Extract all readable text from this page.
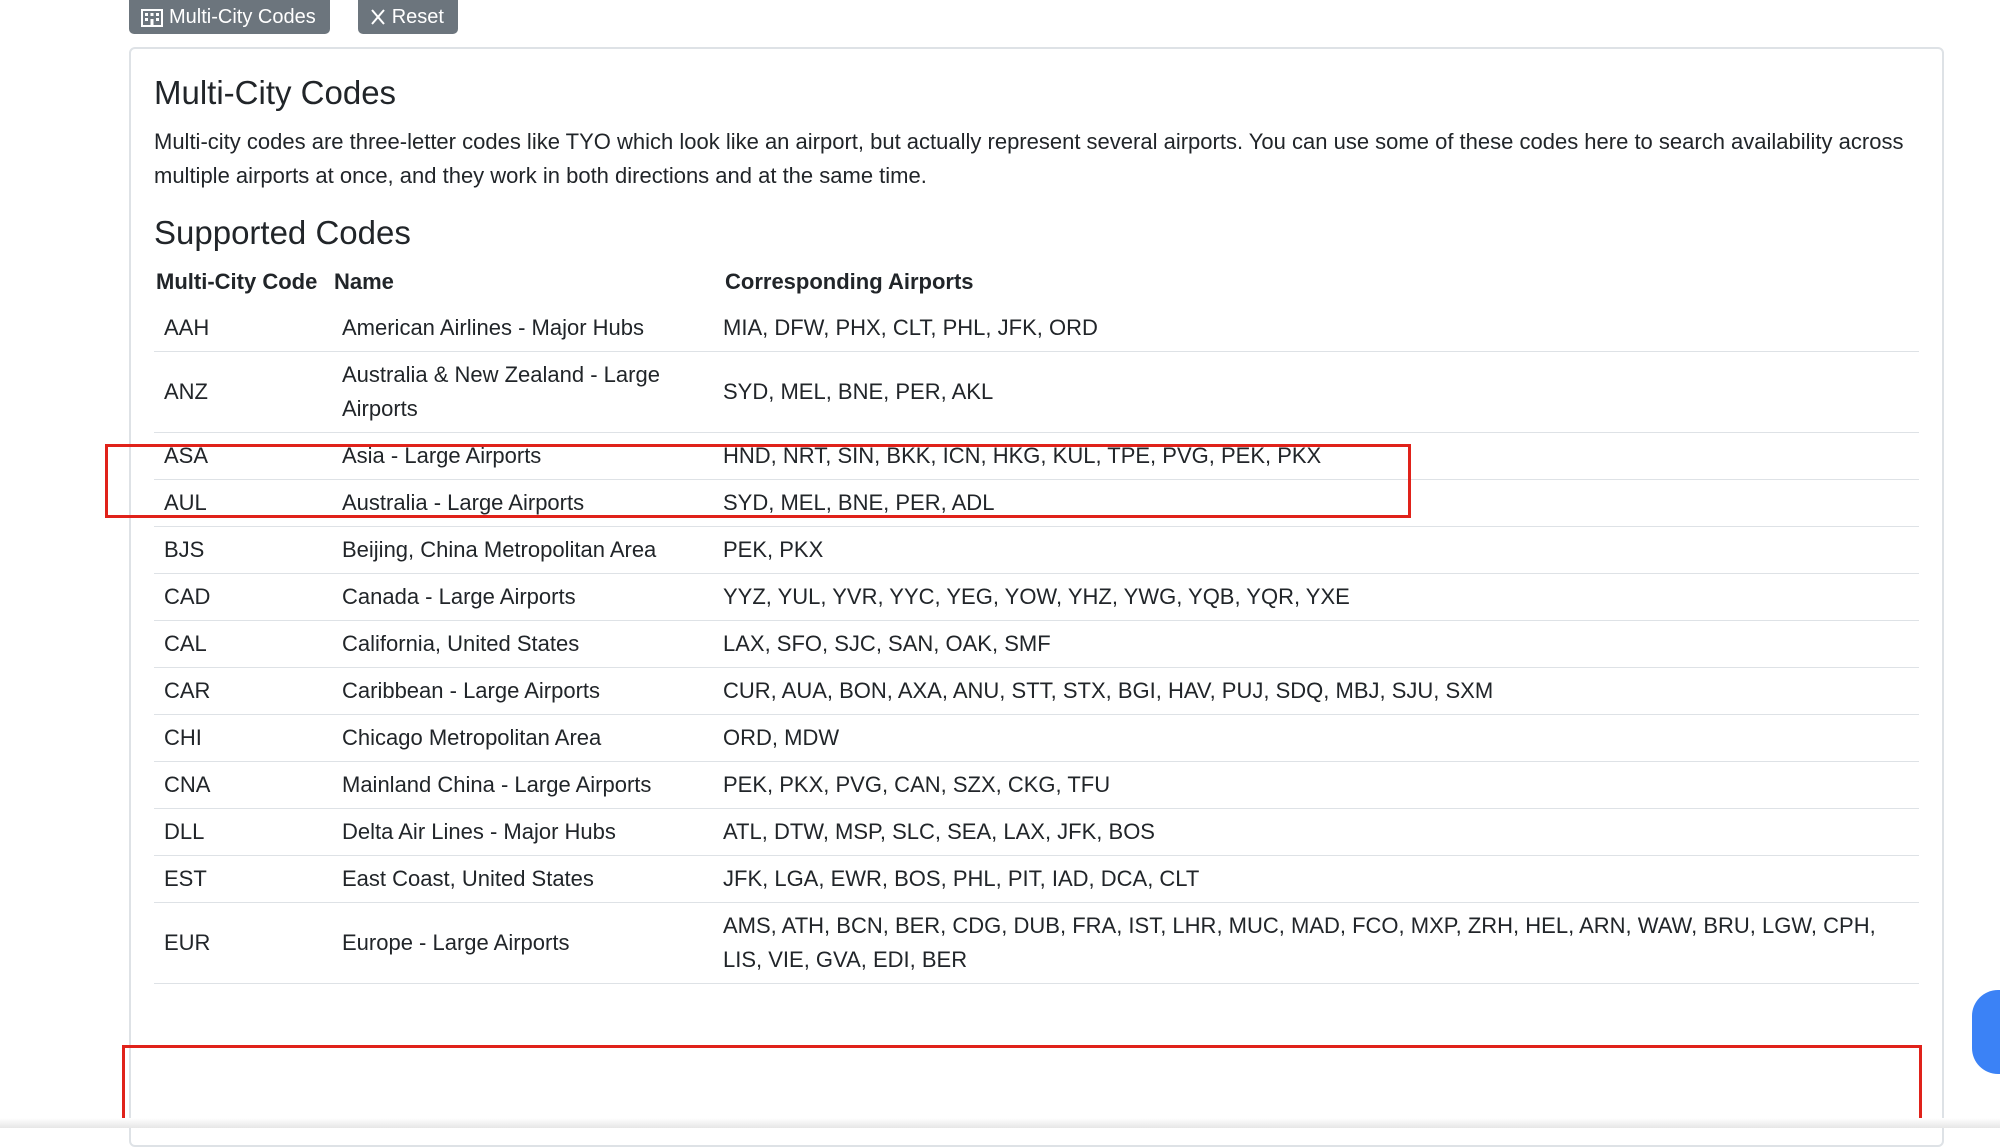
Multi-City Codes	Reset
Multi-City Codes

Multi-city codes are three-letter codes like TYO which look like an airport, but actually represent several airports. You can use some of these codes here to search availability across multiple airports at once, and they work in both directions and at the same time.

Supported Codes
Multi-City Code	Name	Corresponding Airports
AAH	American Airlines - Major Hubs	MIA, DFW, PHX, CLT, PHL, JFK, ORD
ANZ	Australia & New Zealand - Large Airports	SYD, MEL, BNE, PER, AKL
ASA	Asia - Large Airports	HND, NRT, SIN, BKK, ICN, HKG, KUL, TPE, PVG, PEK, PKX
AUL	Australia - Large Airports	SYD, MEL, BNE, PER, ADL
BJS	Beijing, China Metropolitan Area	PEK, PKX
CAD	Canada - Large Airports	YYZ, YUL, YVR, YYC, YEG, YOW, YHZ, YWG, YQB, YQR, YXE
CAL	California, United States	LAX, SFO, SJC, SAN, OAK, SMF
CAR	Caribbean - Large Airports	CUR, AUA, BON, AXA, ANU, STT, STX, BGI, HAV, PUJ, SDQ, MBJ, SJU, SXM
CHI	Chicago Metropolitan Area	ORD, MDW
CNA	Mainland China - Large Airports	PEK, PKX, PVG, CAN, SZX, CKG, TFU
DLL	Delta Air Lines - Major Hubs	ATL, DTW, MSP, SLC, SEA, LAX, JFK, BOS
EST	East Coast, United States	JFK, LGA, EWR, BOS, PHL, PIT, IAD, DCA, CLT
EUR	Europe - Large Airports	AMS, ATH, BCN, BER, CDG, DUB, FRA, IST, LHR, MUC, MAD, FCO, MXP, ZRH, HEL, ARN, WAW, BRU, LGW, CPH, LIS, VIE, GVA, EDI, BER
